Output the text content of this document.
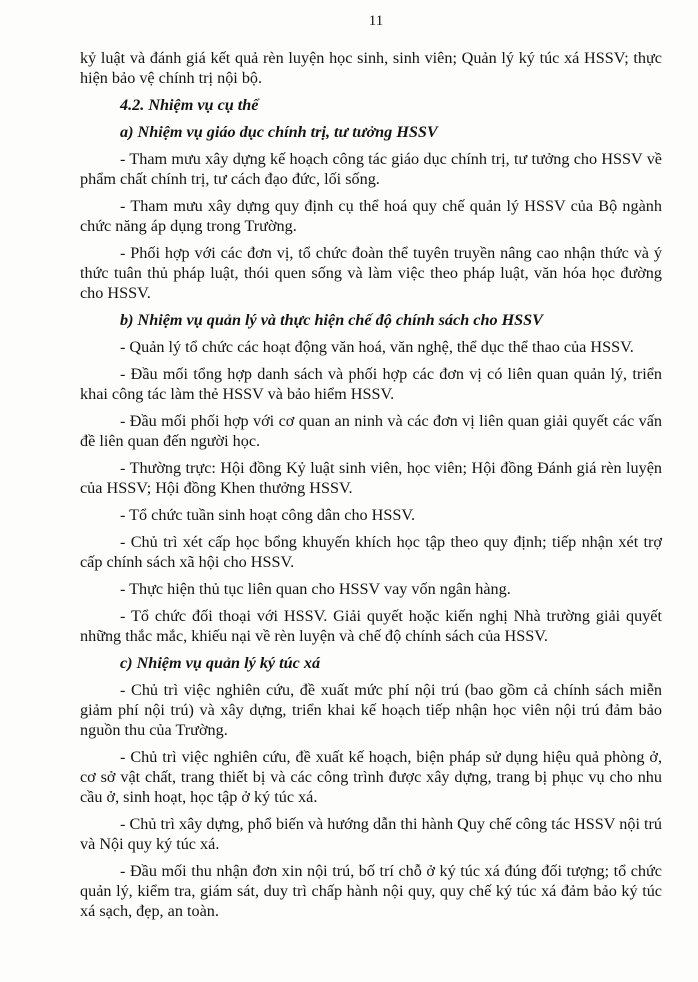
11

kỷ luật và đánh giá kết quả rèn luyện học sinh, sinh viên; Quản lý ký túc xá HSSV; thực hiện bảo vệ chính trị nội bộ.

4.2. Nhiệm vụ cụ thể

a) Nhiệm vụ giáo dục chính trị, tư tưởng HSSV

- Tham mưu xây dựng kế hoạch công tác giáo dục chính trị, tư tưởng cho HSSV về phẩm chất chính trị, tư cách đạo đức, lối sống.

- Tham mưu xây dựng quy định cụ thể hoá quy chế quản lý HSSV của Bộ ngành chức năng áp dụng trong Trường.

- Phối hợp với các đơn vị, tổ chức đoàn thể tuyên truyền nâng cao nhận thức và ý thức tuân thủ pháp luật, thói quen sống và làm việc theo pháp luật, văn hóa học đường cho HSSV.

b) Nhiệm vụ quản lý và thực hiện chế độ chính sách cho HSSV

- Quản lý tổ chức các hoạt động văn hoá, văn nghệ, thể dục thể thao của HSSV.

- Đầu mối tổng hợp danh sách và phối hợp các đơn vị có liên quan quản lý, triển khai công tác làm thẻ HSSV và bảo hiểm HSSV.

- Đầu mối phối hợp với cơ quan an ninh và các đơn vị liên quan giải quyết các vấn đề liên quan đến người học.

- Thường trực: Hội đồng Kỷ luật sinh viên, học viên; Hội đồng Đánh giá rèn luyện của HSSV; Hội đồng Khen thưởng HSSV.

- Tổ chức tuần sinh hoạt công dân cho HSSV.

- Chủ trì xét cấp học bổng khuyến khích học tập theo quy định; tiếp nhận xét trợ cấp chính sách xã hội cho HSSV.

- Thực hiện thủ tục liên quan cho HSSV vay vốn ngân hàng.

- Tổ chức đối thoại với HSSV. Giải quyết hoặc kiến nghị Nhà trường giải quyết những thắc mắc, khiếu nại về rèn luyện và chế độ chính sách của HSSV.

c) Nhiệm vụ quản lý ký túc xá

- Chủ trì việc nghiên cứu, đề xuất mức phí nội trú (bao gồm cả chính sách miễn giảm phí nội trú) và xây dựng, triển khai kế hoạch tiếp nhận học viên nội trú đảm bảo nguồn thu của Trường.

- Chủ trì việc nghiên cứu, đề xuất kế hoạch, biện pháp sử dụng hiệu quả phòng ở, cơ sở vật chất, trang thiết bị và các công trình được xây dựng, trang bị phục vụ cho nhu cầu ở, sinh hoạt, học tập ở ký túc xá.

- Chủ trì xây dựng, phổ biến và hướng dẫn thi hành Quy chế công tác HSSV nội trú và Nội quy ký túc xá.

- Đầu mối thu nhận đơn xin nội trú, bố trí chỗ ở ký túc xá đúng đối tượng; tổ chức quản lý, kiểm tra, giám sát, duy trì chấp hành nội quy, quy chế ký túc xá đảm bảo ký túc xá sạch, đẹp, an toàn.
